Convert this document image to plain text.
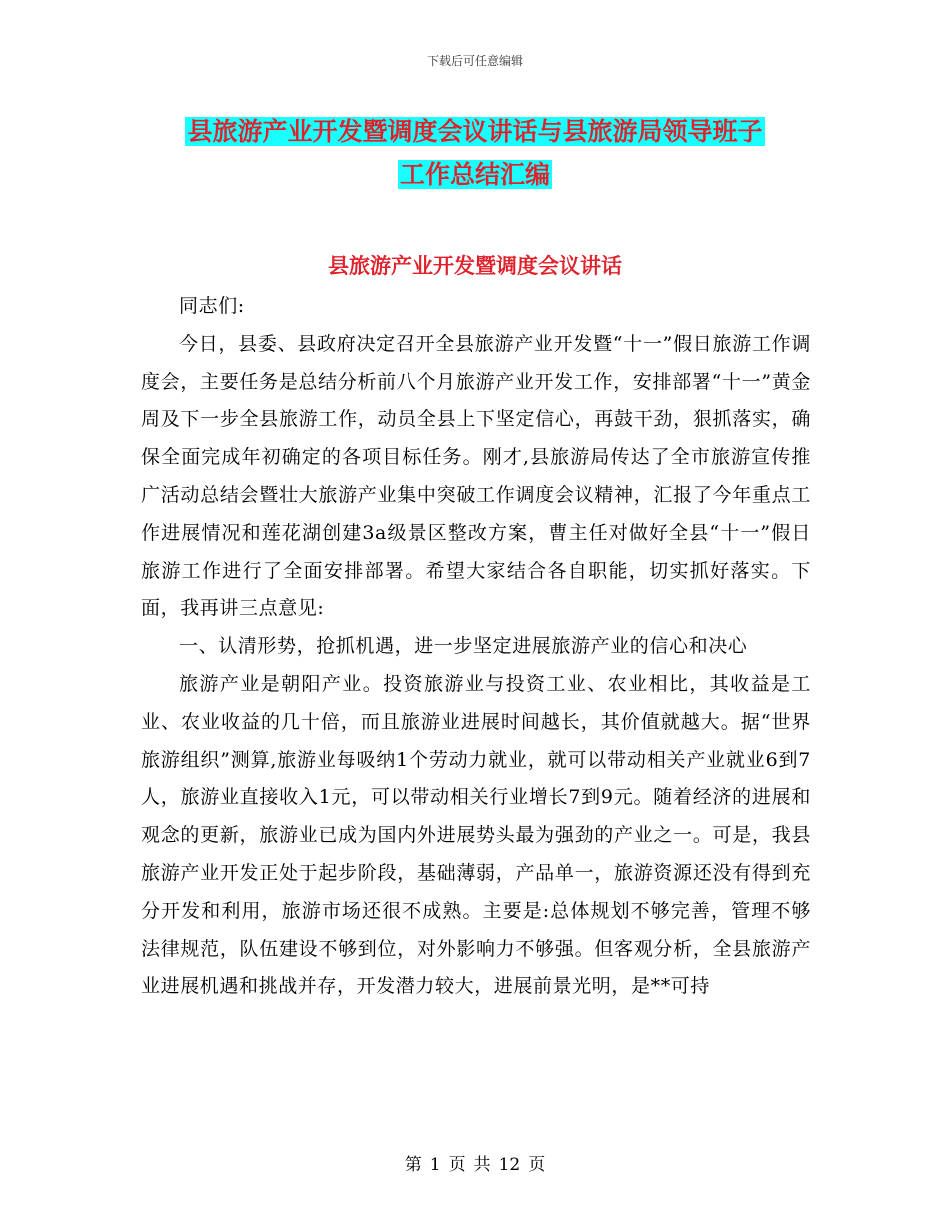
下载后可任意编辑
县旅游产业开发暨调度会议讲话与县旅游局领导班子
工作总结汇编
县旅游产业开发暨调度会议讲话

同志们:

今日，县委、县政府决定召开全县旅游产业开发暨“十一”假日旅游工作调度会，主要任务是总结分析前八个月旅游产业开发工作，安排部署“十一”黄金周及下一步全县旅游工作，动员全县上下坚定信心，再鼓干劲，狠抓落实，确保全面完成年初确定的各项目标任务。刚才,县旅游局传达了全市旅游宣传推广活动总结会暨壮大旅游产业集中突破工作调度会议精神，汇报了今年重点工作进展情况和莲花湖创建3a级景区整改方案，曹主任对做好全县“十一”假日旅游工作进行了全面安排部署。希望大家结合各自职能，切实抓好落实。下面，我再讲三点意见:

一、认清形势，抢抓机遇，进一步坚定进展旅游产业的信心和决心

旅游产业是朝阳产业。投资旅游业与投资工业、农业相比，其收益是工业、农业收益的几十倍，而且旅游业进展时间越长，其价值就越大。据“世界旅游组织”测算,旅游业每吸纳1个劳动力就业，就可以带动相关产业就业6到7人，旅游业直接收入1元，可以带动相关行业增长7到9元。随着经济的进展和观念的更新，旅游业已成为国内外进展势头最为强劲的产业之一。可是，我县旅游产业开发正处于起步阶段，基础薄弱，产品单一，旅游资源还没有得到充分开发和利用，旅游市场还很不成熟。主要是:总体规划不够完善，管理不够法律规范，队伍建设不够到位，对外影响力不够强。但客观分析，全县旅游产业进展机遇和挑战并存，开发潜力较大，进展前景光明，是**可持

第 1 页 共 12 页
